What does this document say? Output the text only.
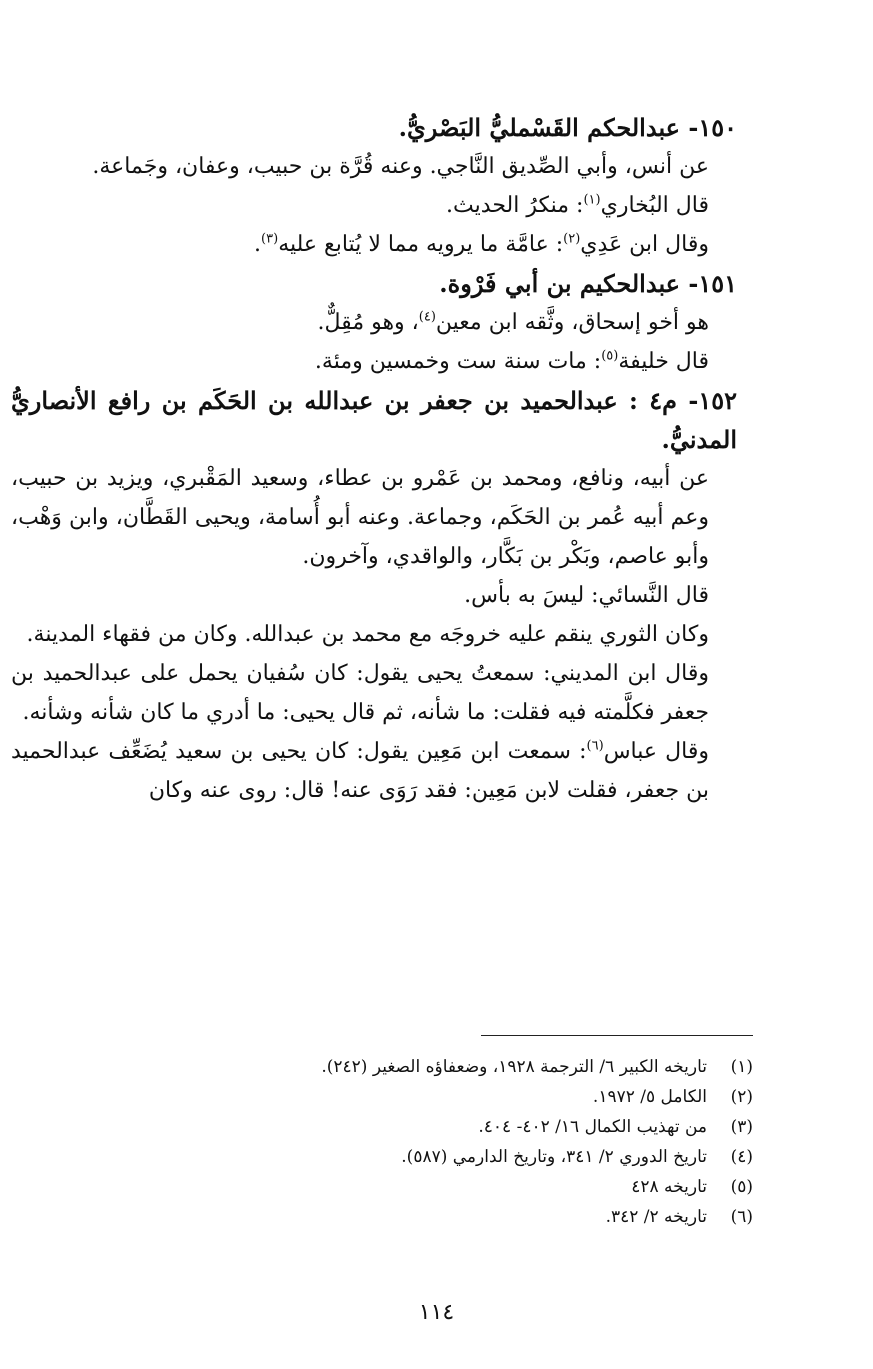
١٥٠- عبدالحكم القَسْمليُّ البَصْريُّ.

عن أنس، وأبي الصِّديق النَّاجي. وعنه قُرَّة بن حبيب، وعفان، وجَماعة.

قال البُخاري$^{(١)}$: منكرُ الحديث.

وقال ابن عَدِي$^{(٢)}$: عامَّة ما يرويه مما لا يُتابع عليه$^{(٣)}$.

١٥١- عبدالحكيم بن أبي فَرْوة.

هو أخو إسحاق، وثَّقه ابن معين$^{(٤)}$، وهو مُقِلٌّ.

قال خليفة$^{(٥)}$: مات سنة ست وخمسين ومئة.

١٥٢- م٤ : عبدالحميد بن جعفر بن عبدالله بن الحَكَم بن رافع الأنصاريُّ المدنيُّ.

عن أبيه، ونافع، ومحمد بن عَمْرو بن عطاء، وسعيد المَقْبري، ويزيد بن حبيب، وعم أبيه عُمر بن الحَكَم، وجماعة. وعنه أبو أُسامة، ويحيى القَطَّان، وابن وَهْب، وأبو عاصم، وبَكْر بن بَكَّار، والواقدي، وآخرون.

قال النَّسائي: ليسَ به بأس.

وكان الثوري ينقم عليه خروجَه مع محمد بن عبدالله. وكان من فقهاء المدينة.

وقال ابن المديني: سمعتُ يحيى يقول: كان سُفيان يحمل على عبدالحميد بن جعفر فكلَّمته فيه فقلت: ما شأنه، ثم قال يحيى: ما أدري ما كان شأنه وشأنه.

وقال عباس$^{(٦)}$: سمعت ابن مَعِين يقول: كان يحيى بن سعيد يُضَعِّف عبدالحميد بن جعفر، فقلت لابن مَعِين: فقد رَوَى عنه! قال: روى عنه وكان

(١)
تاريخه الكبير ٦/ الترجمة ١٩٢٨، وضعفاؤه الصغير (٢٤٢).
(٢)
الكامل ٥/ ١٩٧٢.
(٣)
من تهذيب الكمال ١٦/ ٤٠٢- ٤٠٤.
(٤)
تاريخ الدوري ٢/ ٣٤١، وتاريخ الدارمي (٥٨٧).
(٥)
تاريخه ٤٢٨
(٦)
تاريخه ٢/ ٣٤٢.
١١٤
